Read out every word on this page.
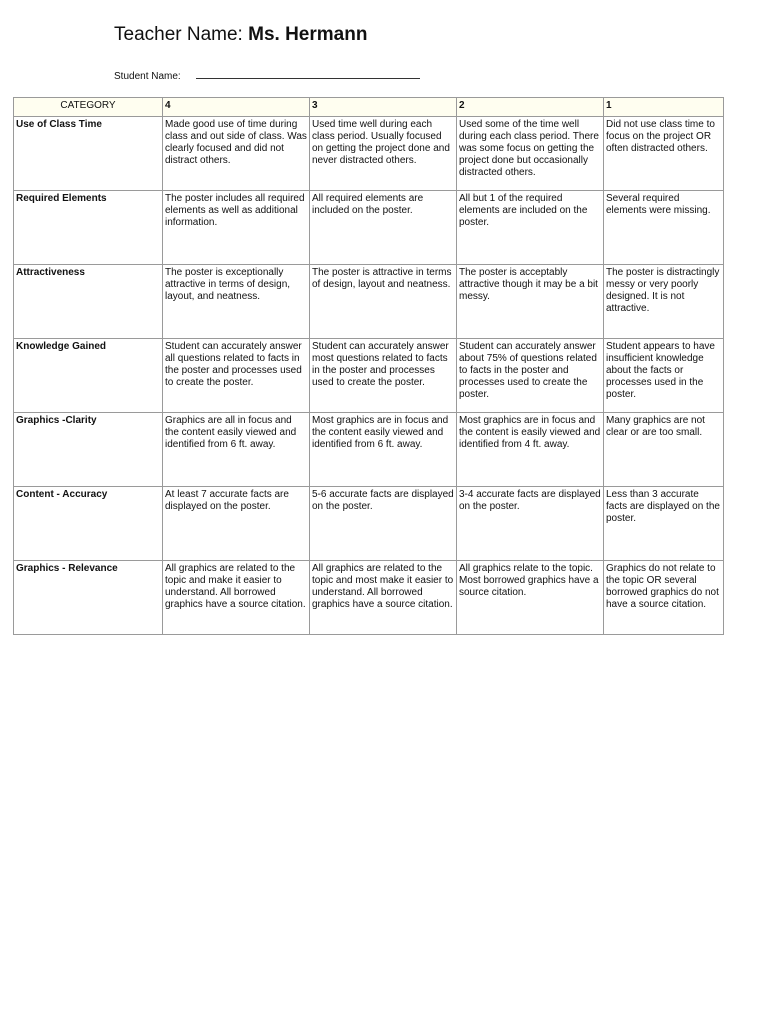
Teacher Name: Ms. Hermann
Student Name:
CATEGORY	4	3	2	1
Use of Class Time	Made good use of time during class and out side of class. Was clearly focused and did not distract others.	Used time well during each class period. Usually focused on getting the project done and never distracted others.	Used some of the time well during each class period. There was some focus on getting the project done but occasionally distracted others.	Did not use class time to focus on the project OR often distracted others.
Required Elements	The poster includes all required elements as well as additional information.	All required elements are included on the poster.	All but 1 of the required elements are included on the poster.	Several required elements were missing.
Attractiveness	The poster is exceptionally attractive in terms of design, layout, and neatness.	The poster is attractive in terms of design, layout and neatness.	The poster is acceptably attractive though it may be a bit messy.	The poster is distractingly messy or very poorly designed. It is not attractive.
Knowledge Gained	Student can accurately answer all questions related to facts in the poster and processes used to create the poster.	Student can accurately answer most questions related to facts in the poster and processes used to create the poster.	Student can accurately answer about 75% of questions related to facts in the poster and processes used to create the poster.	Student appears to have insufficient knowledge about the facts or processes used in the poster.
Graphics -Clarity	Graphics are all in focus and the content easily viewed and identified from 6 ft. away.	Most graphics are in focus and the content easily viewed and identified from 6 ft. away.	Most graphics are in focus and the content is easily viewed and identified from 4 ft. away.	Many graphics are not clear or are too small.
Content - Accuracy	At least 7 accurate facts are displayed on the poster.	5-6 accurate facts are displayed on the poster.	3-4 accurate facts are displayed on the poster.	Less than 3 accurate facts are displayed on the poster.
Graphics - Relevance	All graphics are related to the topic and make it easier to understand. All borrowed graphics have a source citation.	All graphics are related to the topic and most make it easier to understand. All borrowed graphics have a source citation.	All graphics relate to the topic. Most borrowed graphics have a source citation.	Graphics do not relate to the topic OR several borrowed graphics do not have a source citation.
